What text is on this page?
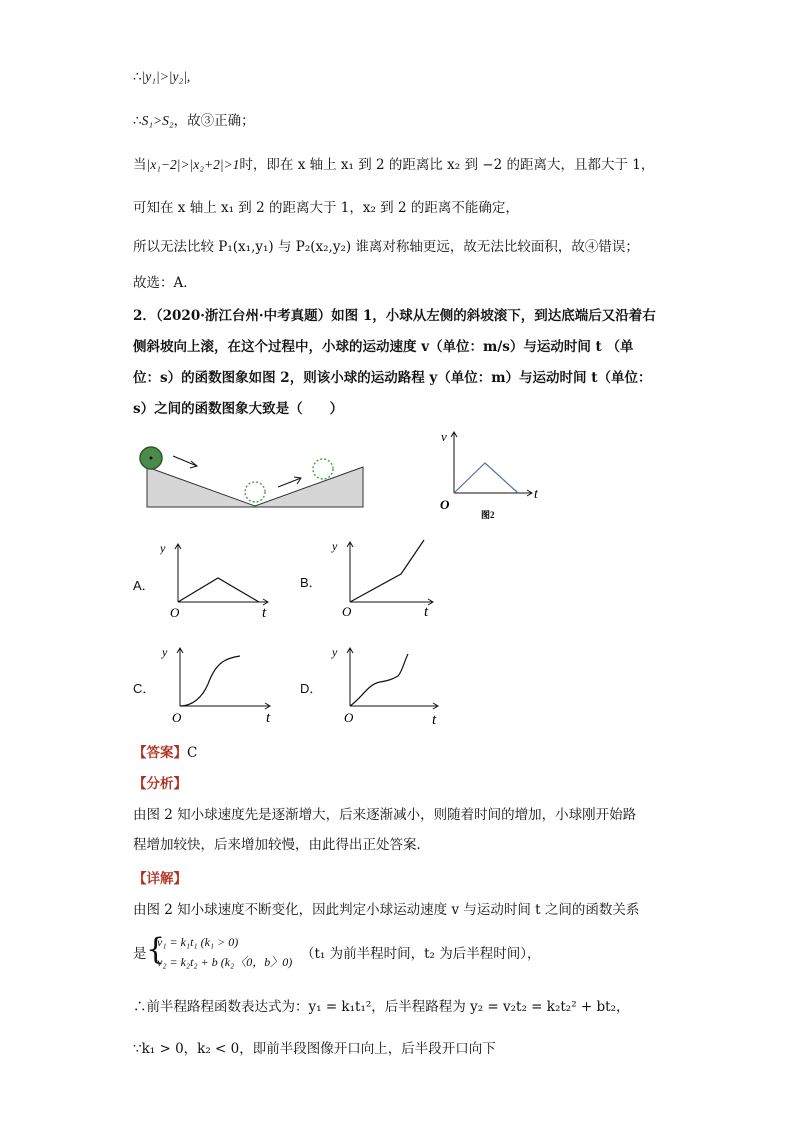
∴|y₁|>|y₂|,
∴S₁>S₂，故③正确；
当|x₁−2|>|x₂+2|>1时，即在 x 轴上 x₁ 到 2 的距离比 x₂ 到 −2 的距离大，且都大于 1，
可知在 x 轴上 x₁ 到 2 的距离大于 1，x₂ 到 2 的距离不能确定，
所以无法比较 P₁(x₁,y₁) 与 P₂(x₂,y₂) 谁离对称轴更远，故无法比较面积，故④错误；
故选：A．
2．（2020·浙江台州·中考真题）如图 1，小球从左侧的斜坡滚下，到达底端后又沿着右
侧斜坡向上滚，在这个过程中，小球的运动速度 v（单位：m/s）与运动时间 t （单
位：s）的函数图象如图 2，则该小球的运动路程 y（单位：m）与运动时间 t（单位：
s）之间的函数图象大致是（　　）
v
t
O
图2
A．
y
t
O
B．
y
t
O
C．
y
t
O
D．
y
t
O
【答案】C
【分析】
由图 2 知小球速度先是逐渐增大，后来逐渐减小，则随着时间的增加，小球刚开始路
程增加较快，后来增加较慢，由此得出正处答案．
【详解】
由图 2 知小球速度不断变化，因此判定小球运动速度 v 与运动时间 t 之间的函数关系
是 {
v₁ = k₁t₁ (k₁ > 0)
v₂ = k₂t₂ + b (k₂〈0，b〉0) （t₁ 为前半程时间，t₂ 为后半程时间），
∴前半程路程函数表达式为：y₁ = k₁t₁²，后半程路程为 y₂ = v₂t₂ = k₂t₂² + bt₂，
∵k₁ > 0，k₂ < 0，即前半段图像开口向上，后半段开口向下
